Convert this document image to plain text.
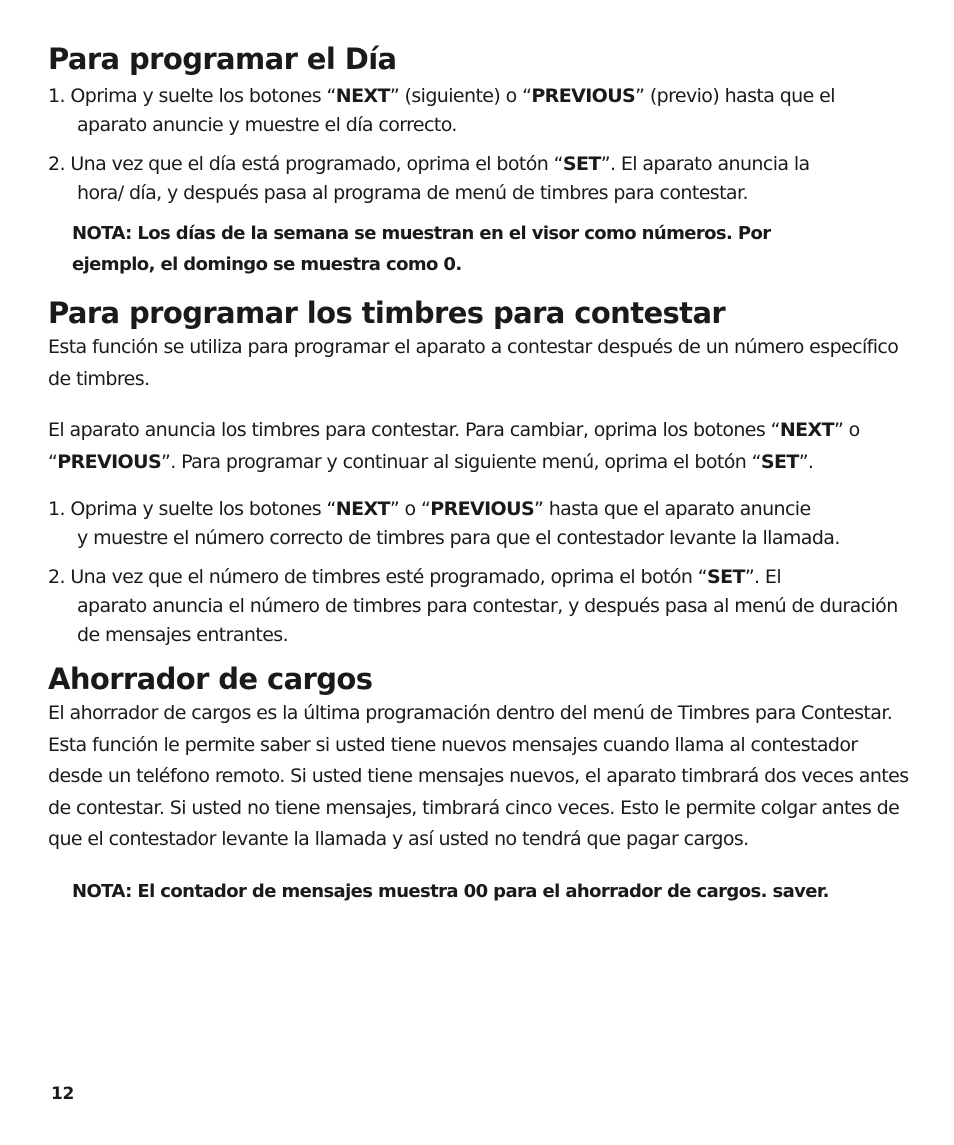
Para programar el Día
1. Oprima y suelte los botones “NEXT” (siguiente) o “PREVIOUS” (previo) hasta que el
aparato anuncie y muestre el día correcto.
2. Una vez que el día está programado, oprima el botón “SET”. El aparato anuncia la
hora/ día, y después pasa al programa de menú de timbres para contestar.
NOTA: Los días de la semana se muestran en el visor como números. Por
ejemplo, el domingo se muestra como 0.
Para programar los timbres para contestar

Esta función se utiliza para programar el aparato a contestar después de un número específico de timbres.

El aparato anuncia los timbres para contestar. Para cambiar, oprima los botones “NEXT” o “PREVIOUS”. Para programar y continuar al siguiente menú, oprima el botón “SET”.

1. Oprima y suelte los botones “NEXT” o “PREVIOUS” hasta que el aparato anuncie
y muestre el número correcto de timbres para que el contestador levante la llamada.
2. Una vez que el número de timbres esté programado, oprima el botón “SET”. El
aparato anuncia el número de timbres para contestar, y después pasa al menú de duración de mensajes entrantes.
Ahorrador de cargos

El ahorrador de cargos es la última programación dentro del menú de Timbres para Contestar. Esta función le permite saber si usted tiene nuevos mensajes cuando llama al contestador desde un teléfono remoto. Si usted tiene mensajes nuevos, el aparato timbrará dos veces antes de contestar. Si usted no tiene mensajes, timbrará cinco veces. Esto le permite colgar antes de que el contestador levante la llamada y así usted no tendrá que pagar cargos.

NOTA: El contador de mensajes muestra 00 para el ahorrador de cargos. saver.
12
